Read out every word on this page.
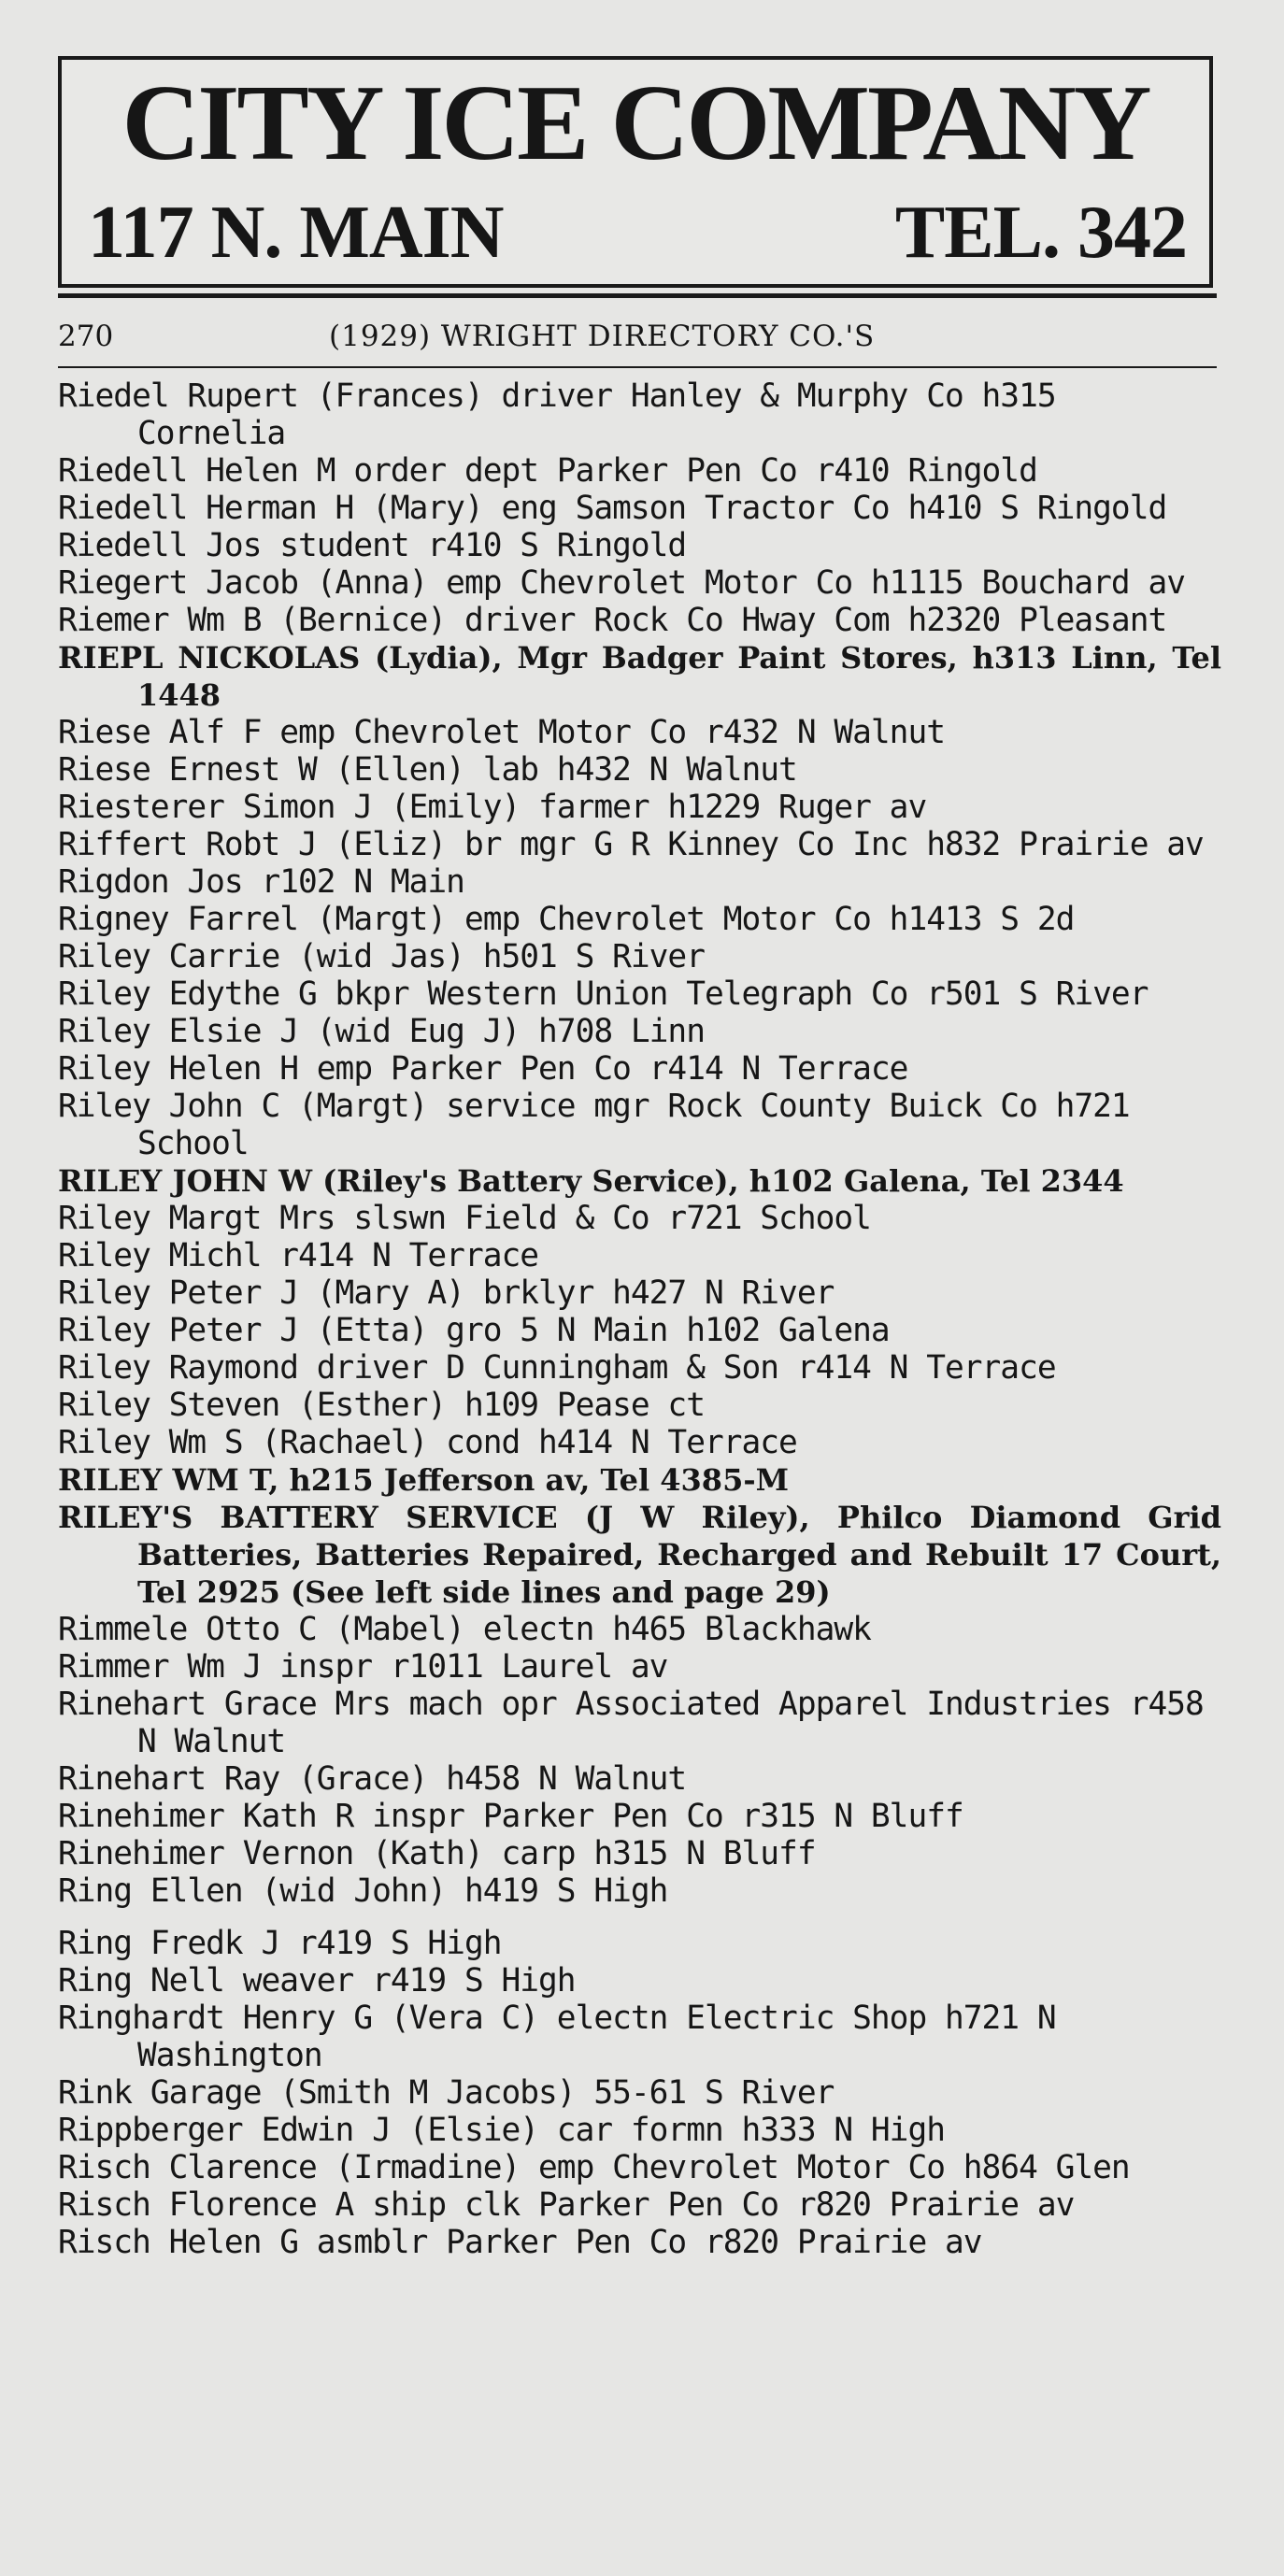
CITY ICE COMPANY
117 N. MAIN	TEL. 342
270	(1929) WRIGHT DIRECTORY CO.'S
Riedel Rupert (Frances) driver Hanley & Murphy Co h315 Cornelia
Riedell Helen M order dept Parker Pen Co r410 Ringold
Riedell Herman H (Mary) eng Samson Tractor Co h410 S Ringold
Riedell Jos student r410 S Ringold
Riegert Jacob (Anna) emp Chevrolet Motor Co h1115 Bouchard av
Riemer Wm B (Bernice) driver Rock Co Hway Com h2320 Pleasant
RIEPL NICKOLAS (Lydia), Mgr Badger Paint Stores, h313 Linn, Tel 1448
Riese Alf F emp Chevrolet Motor Co r432 N Walnut
Riese Ernest W (Ellen) lab h432 N Walnut
Riesterer Simon J (Emily) farmer h1229 Ruger av
Riffert Robt J (Eliz) br mgr G R Kinney Co Inc h832 Prairie av
Rigdon Jos r102 N Main
Rigney Farrel (Margt) emp Chevrolet Motor Co h1413 S 2d
Riley Carrie (wid Jas) h501 S River
Riley Edythe G bkpr Western Union Telegraph Co r501 S River
Riley Elsie J (wid Eug J) h708 Linn
Riley Helen H emp Parker Pen Co r414 N Terrace
Riley John C (Margt) service mgr Rock County Buick Co h721 School
RILEY JOHN W (Riley's Battery Service), h102 Galena, Tel 2344
Riley Margt Mrs slswn Field & Co r721 School
Riley Michl r414 N Terrace
Riley Peter J (Mary A) brklyr h427 N River
Riley Peter J (Etta) gro 5 N Main h102 Galena
Riley Raymond driver D Cunningham & Son r414 N Terrace
Riley Steven (Esther) h109 Pease ct
Riley Wm S (Rachael) cond h414 N Terrace
RILEY WM T, h215 Jefferson av, Tel 4385-M
RILEY'S BATTERY SERVICE (J W Riley), Philco Diamond Grid Batteries, Batteries Repaired, Recharged and Rebuilt 17 Court, Tel 2925 (See left side lines and page 29)
Rimmele Otto C (Mabel) electn h465 Blackhawk
Rimmer Wm J inspr r1011 Laurel av
Rinehart Grace Mrs mach opr Associated Apparel Industries r458 N Walnut
Rinehart Ray (Grace) h458 N Walnut
Rinehimer Kath R inspr Parker Pen Co r315 N Bluff
Rinehimer Vernon (Kath) carp h315 N Bluff
Ring Ellen (wid John) h419 S High
Ring Fredk J r419 S High
Ring Nell weaver r419 S High
Ringhardt Henry G (Vera C) electn Electric Shop h721 N Washington
Rink Garage (Smith M Jacobs) 55-61 S River
Rippberger Edwin J (Elsie) car formn h333 N High
Risch Clarence (Irmadine) emp Chevrolet Motor Co h864 Glen
Risch Florence A ship clk Parker Pen Co r820 Prairie av
Risch Helen G asmblr Parker Pen Co r820 Prairie av
